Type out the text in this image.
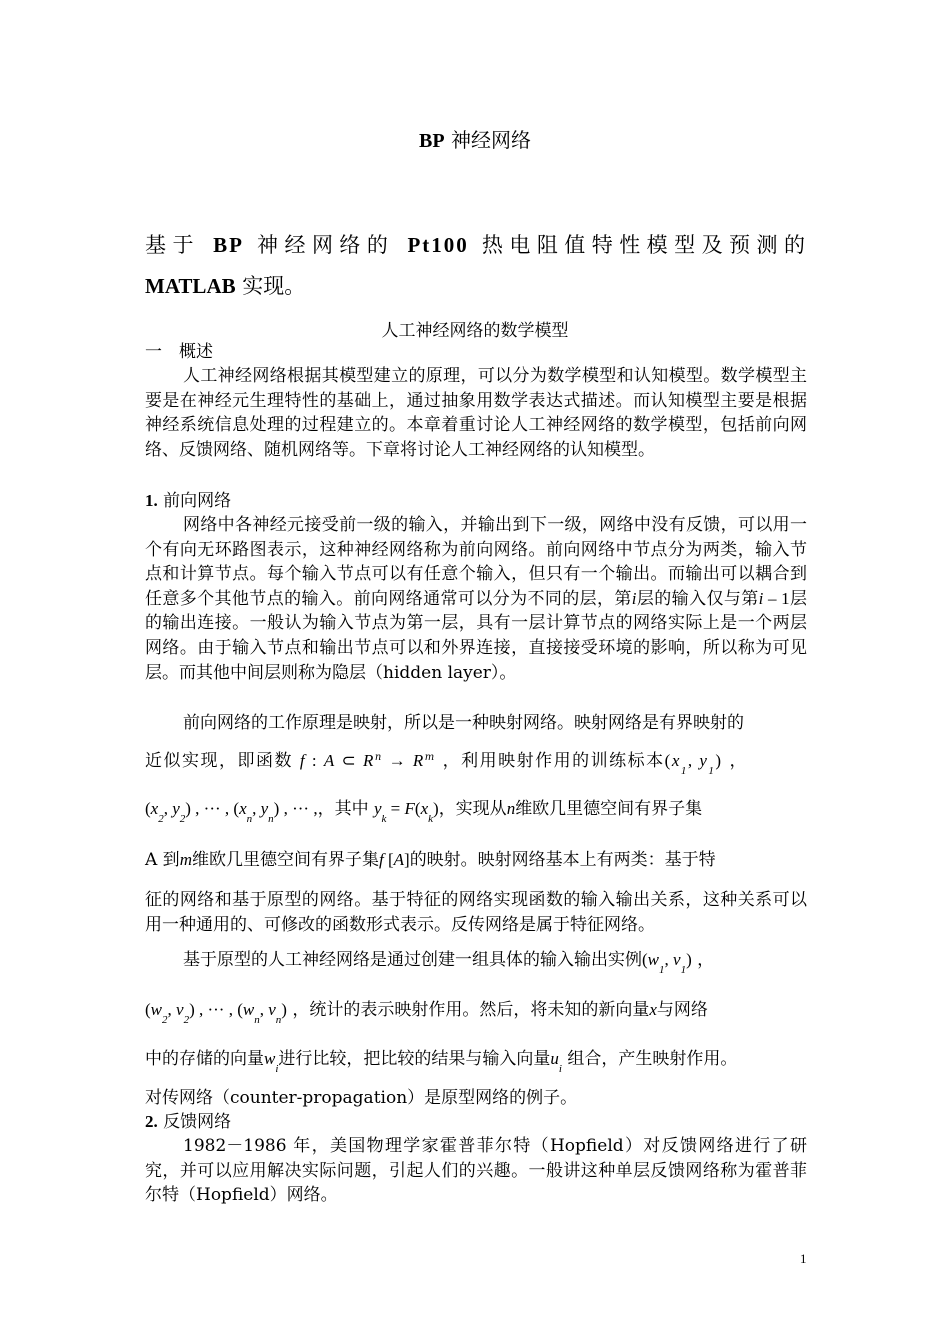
BP 神经网络
基于 BP 神经网络的 Pt100 热电阻值特性模型及预测的
MATLAB 实现。
人工神经网络的数学模型
一　概述
人工神经网络根据其模型建立的原理，可以分为数学模型和认知模型。数学模型主要是在神经元生理特性的基础上，通过抽象用数学表达式描述。而认知模型主要是根据神经系统信息处理的过程建立的。本章着重讨论人工神经网络的数学模型，包括前向网络、反馈网络、随机网络等。下章将讨论人工神经网络的认知模型。
1. 前向网络
网络中各神经元接受前一级的输入，并输出到下一级，网络中没有反馈，可以用一个有向无环路图表示，这种神经网络称为前向网络。前向网络中节点分为两类，输入节点和计算节点。每个输入节点可以有任意个输入，但只有一个输出。而输出可以耦合到任意多个其他节点的输入。前向网络通常可以分为不同的层，第i层的输入仅与第i – 1层的输出连接。一般认为输入节点为第一层，具有一层计算节点的网络实际上是一个两层网络。由于输入节点和输出节点可以和外界连接，直接接受环境的影响，所以称为可见层。而其他中间层则称为隐层（hidden layer）。
前向网络的工作原理是映射，所以是一种映射网络。映射网络是有界映射的
近似实现，即函数 f : A ⊂ $R^n \to R^m$ ，利用映射作用的训练标本($x_1$, $y_1$) ，
($x_2$, $y_2$) , ··· , ($x_n$, $y_n$) , ··· ,，其中 $y_k = F(x_k)$，实现从n维欧几里德空间有界子集
A 到m维欧几里德空间有界子集f [A]的映射。映射网络基本上有两类：基于特
征的网络和基于原型的网络。基于特征的网络实现函数的输入输出关系，这种关系可以用一种通用的、可修改的函数形式表示。反传网络是属于特征网络。
基于原型的人工神经网络是通过创建一组具体的输入输出实例($w_1$, $v_1$) ，
($w_2$, $v_2$) , ··· , ($w_n$, $v_n$) ，统计的表示映射作用。然后，将未知的新向量x与网络
中的存储的向量$w_i$进行比较，把比较的结果与输入向量$u_i$ 组合，产生映射作用。
对传网络（counter-propagation）是原型网络的例子。
2. 反馈网络
1982－1986 年，美国物理学家霍普菲尔特（Hopfield）对反馈网络进行了研究，并可以应用解决实际问题，引起人们的兴趣。一般讲这种单层反馈网络称为霍普菲尔特（Hopfield）网络。
1
